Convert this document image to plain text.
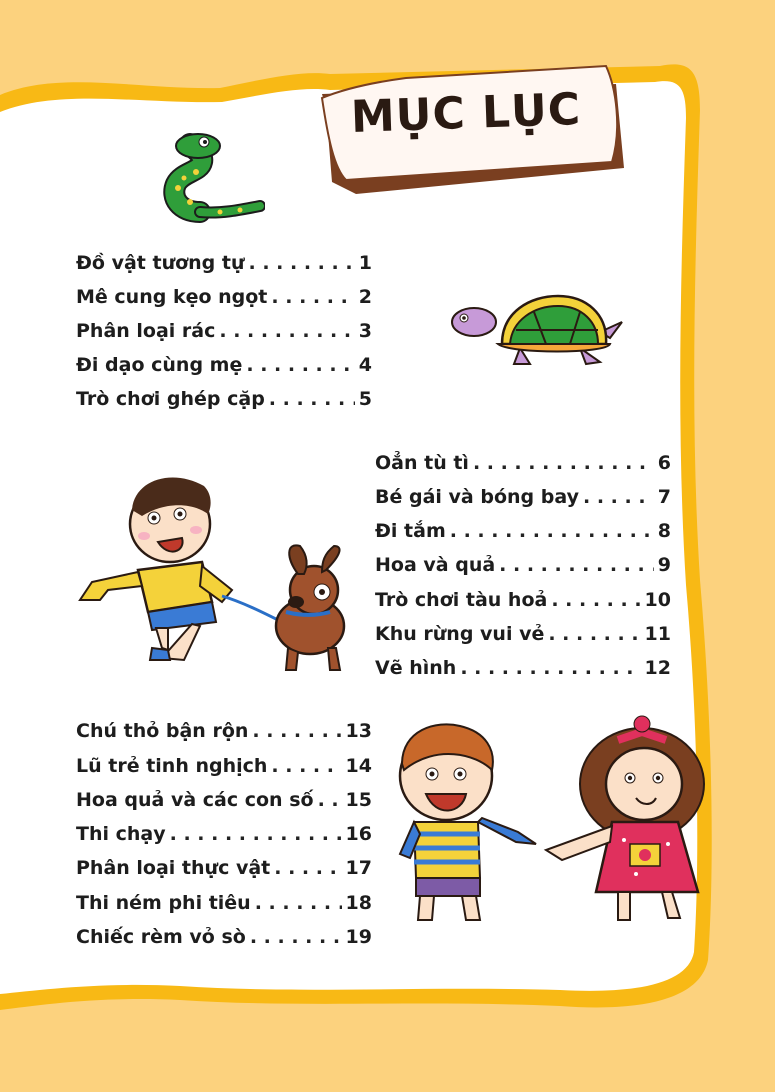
MỤC LỤC
Đồ vật tương tự . . .	1
Mê cung kẹo ngọt . . .	2
Phân loại rác . . .	3
Đi dạo cùng mẹ . . .	4
Trò chơi ghép cặp . . .	5
Oẳn tù tì . . .	6
Bé gái và bóng bay . . .	7
Đi tắm . . .	8
Hoa và quả . . .	9
Trò chơi tàu hoả . . .	10
Khu rừng vui vẻ . . .	11
Vẽ hình . . .	12
Chú thỏ bận rộn . . .	13
Lũ trẻ tinh nghịch . . .	14
Hoa quả và các con số . . . 15
Thi chạy . . .	16
Phân loại thực vật . . .	17
Thi ném phi tiêu . . .	18
Chiếc rèm vỏ sò . . .	19
